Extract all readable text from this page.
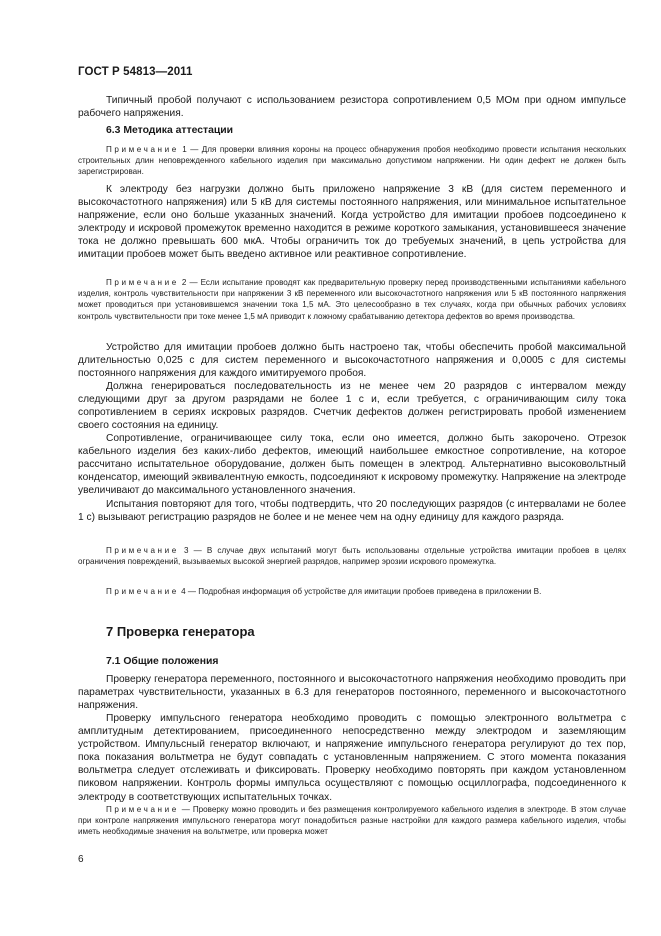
ГОСТ Р 54813—2011

Типичный пробой получают с использованием резистора сопротивлением 0,5 МОм при одном импульсе рабочего напряжения.

6.3 Методика аттестации

Примечание 1 — Для проверки влияния короны на процесс обнаружения пробоя необходимо провести испытания нескольких строительных длин неповрежденного кабельного изделия при максимально допустимом напряжении. Ни один дефект не должен быть зарегистрирован.

К электроду без нагрузки должно быть приложено напряжение 3 кВ (для систем переменного и высокочастотного напряжения) или 5 кВ для системы постоянного напряжения, или минимальное испытательное напряжение, если оно больше указанных значений. Когда устройство для имитации пробоев подсоединено к электроду и искровой промежуток временно находится в режиме короткого замыкания, установившееся значение тока не должно превышать 600 мкА. Чтобы ограничить ток до требуемых значений, в цепь устройства для имитации пробоев может быть введено активное или реактивное сопротивление.

Примечание 2 — Если испытание проводят как предварительную проверку перед производственными испытаниями кабельного изделия, контроль чувствительности при напряжении 3 кВ переменного или высокочастотного напряжения или 5 кВ постоянного напряжения может проводиться при установившемся значении тока 1,5 мА. Это целесообразно в тех случаях, когда при обычных рабочих условиях контроль чувствительности при токе менее 1,5 мА приводит к ложному срабатыванию детектора дефектов во время производства.

Устройство для имитации пробоев должно быть настроено так, чтобы обеспечить пробой максимальной длительностью 0,025 с для систем переменного и высокочастотного напряжения и 0,0005 с для системы постоянного напряжения для каждого имитируемого пробоя.

Должна генерироваться последовательность из не менее чем 20 разрядов с интервалом между следующими друг за другом разрядами не более 1 с и, если требуется, с ограничивающим силу тока сопротивлением в сериях искровых разрядов. Счетчик дефектов должен регистрировать пробой изменением своего состояния на единицу.

Сопротивление, ограничивающее силу тока, если оно имеется, должно быть закорочено. Отрезок кабельного изделия без каких-либо дефектов, имеющий наибольшее емкостное сопротивление, на которое рассчитано испытательное оборудование, должен быть помещен в электрод. Альтернативно высоковольтный конденсатор, имеющий эквивалентную емкость, подсоединяют к искровому промежутку. Напряжение на электроде увеличивают до максимального установленного значения.

Испытания повторяют для того, чтобы подтвердить, что 20 последующих разрядов (с интервалами не более 1 с) вызывают регистрацию разрядов не более и не менее чем на одну единицу для каждого разряда.

Примечание 3 — В случае двух испытаний могут быть использованы отдельные устройства имитации пробоев в целях ограничения повреждений, вызываемых высокой энергией разрядов, например эрозии искрового промежутка.

Примечание 4 — Подробная информация об устройстве для имитации пробоев приведена в приложении В.

7 Проверка генератора

7.1 Общие положения

Проверку генератора переменного, постоянного и высокочастотного напряжения необходимо проводить при параметрах чувствительности, указанных в 6.3 для генераторов постоянного, переменного и высокочастотного напряжения.

Проверку импульсного генератора необходимо проводить с помощью электронного вольтметра с амплитудным детектированием, присоединенного непосредственно между электродом и заземляющим устройством. Импульсный генератор включают, и напряжение импульсного генератора регулируют до тех пор, пока показания вольтметра не будут совпадать с установленным напряжением. С этого момента показания вольтметра следует отслеживать и фиксировать. Проверку необходимо повторять при каждом установленном пиковом напряжении. Контроль формы импульса осуществляют с помощью осциллографа, подсоединенного к электроду в соответствующих испытательных точках.

Примечание — Проверку можно проводить и без размещения контролируемого кабельного изделия в электроде. В этом случае при контроле напряжения импульсного генератора могут понадобиться разные настройки для каждого размера кабельного изделия, чтобы иметь необходимые значения на вольтметре, или проверка может

6
